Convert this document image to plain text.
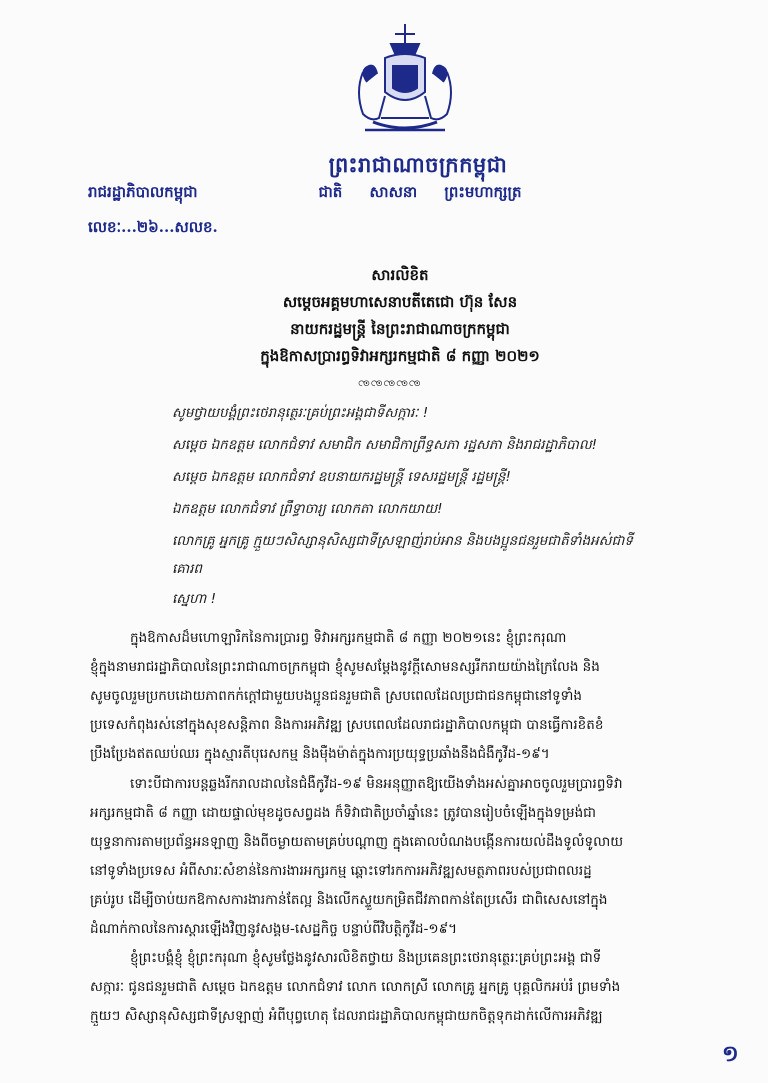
ព្រះរាជាណាចក្រកម្ពុជា
ជាតិ សាសនា ព្រះមហាក្សត្រ
រាជរដ្ឋាភិបាលកម្ពុជា
លេខៈ...២៦...សលខ.
សារលិខិត
សម្តេចអគ្គមហាសេនាបតីតេជោ ហ៊ុន សែន
នាយករដ្ឋមន្ត្រី នៃព្រះរាជាណាចក្រកម្ពុជា
ក្នុងឱកាសប្រារព្ធទិវាអក្សរកម្មជាតិ ៨ កញ្ញា ២០២១
ꧫꧫꧫꧫꧫ
សូមថ្វាយបង្គំព្រះថេរានុត្ថេរៈគ្រប់ព្រះអង្គជាទីសក្ការៈ !
សម្តេច ឯកឧត្តម លោកជំទាវ សមាជិក សមាជិកាព្រឹទ្ធសភា រដ្ឋសភា និងរាជរដ្ឋាភិបាល!
សម្តេច ឯកឧត្តម លោកជំទាវ ឧបនាយករដ្ឋមន្ត្រី ទេសរដ្ឋមន្ត្រី រដ្ឋមន្ត្រី!
ឯកឧត្តម លោកជំទាវ ព្រឹទ្ធាចារ្យ លោកតា លោកយាយ!
លោកគ្រូ អ្នកគ្រូ ក្មួយៗសិស្សានុសិស្សជាទីស្រឡាញ់រាប់អាន និងបងប្អូនជនរួមជាតិទាំងអស់ជាទី
គោរព
ស្នេហា !
ក្នុងឱកាសដ៏មហោឡារិកនៃការប្រារព្ធ ទិវាអក្សរកម្មជាតិ ៨ កញ្ញា ២០២១នេះ ខ្ញុំព្រះករុណា
ខ្ញុំក្នុងនាមរាជរដ្ឋាភិបាលនៃព្រះរាជាណាចក្រកម្ពុជា ខ្ញុំសូមសម្តែងនូវក្តីសោមនស្សរីករាយយ៉ាងក្រៃលែង និង
សូមចូលរួមប្រកបដោយភាពកក់ក្តៅជាមួយបងប្អូនជនរួមជាតិ ស្របពេលដែលប្រជាជនកម្ពុជានៅទូទាំង
ប្រទេសកំពុងរស់នៅក្នុងសុខសន្តិភាព និងការអភិវឌ្ឍ ស្របពេលដែលរាជរដ្ឋាភិបាលកម្ពុជា បានធ្វើការខិតខំ
ប្រឹងប្រែងឥតឈប់ឈរ ក្នុងស្មារតីបុរេសកម្ម និងម៉ឺងម៉ាត់ក្នុងការប្រយុទ្ធប្រឆាំងនឹងជំងឺកូវីដ-១៩។
ទោះបីជាការបន្តឆ្លងរីករាលដាលនៃជំងឺកូវីដ-១៩ មិនអនុញ្ញាតឱ្យយើងទាំងអស់គ្នាអាចចូលរួមប្រារព្ធទិវា
អក្សរកម្មជាតិ ៨ កញ្ញា ដោយផ្ទាល់មុខដូចសព្វដង ក៏ទិវាជាតិប្រចាំឆ្នាំនេះ ត្រូវបានរៀបចំឡើងក្នុងទម្រង់ជា
យុទ្ធនាការតាមប្រព័ន្ធអនឡាញ និងពីចម្ងាយតាមគ្រប់បណ្តាញ ក្នុងគោលបំណងបង្កើនការយល់ដឹងទូលំទូលាយ
នៅទូទាំងប្រទេស អំពីសារៈសំខាន់នៃការងារអក្សរកម្ម ឆ្ពោះទៅរកការអភិវឌ្ឍសមត្ថភាពរបស់ប្រជាពលរដ្ឋ
គ្រប់រូប ដើម្បីចាប់យកឱកាសការងារកាន់តែល្អ និងលើកស្ទួយកម្រិតជីវភាពកាន់តែប្រសើរ ជាពិសេសនៅក្នុង
ដំណាក់កាលនៃការស្តារឡើងវិញនូវសង្គម-សេដ្ឋកិច្ច បន្ទាប់ពីវិបត្តិកូវីដ-១៩។
ខ្ញុំព្រះបង្គំខ្ញុំ ខ្ញុំព្រះករុណា ខ្ញុំសូមថ្លែងនូវសារលិខិតថ្វាយ និងប្រគេនព្រះថេរានុត្ថេរៈគ្រប់ព្រះអង្គ ជាទី
សក្ការៈ ជូនជនរួមជាតិ សម្តេច ឯកឧត្តម លោកជំទាវ លោក លោកស្រី លោកគ្រូ អ្នកគ្រូ បុគ្គលិកអប់រំ ព្រមទាំង
ក្មួយៗ សិស្សានុសិស្សជាទីស្រឡាញ់ អំពីបុព្វហេតុ ដែលរាជរដ្ឋាភិបាលកម្ពុជាយកចិត្តទុកដាក់លើការអភិវឌ្ឍ
១
